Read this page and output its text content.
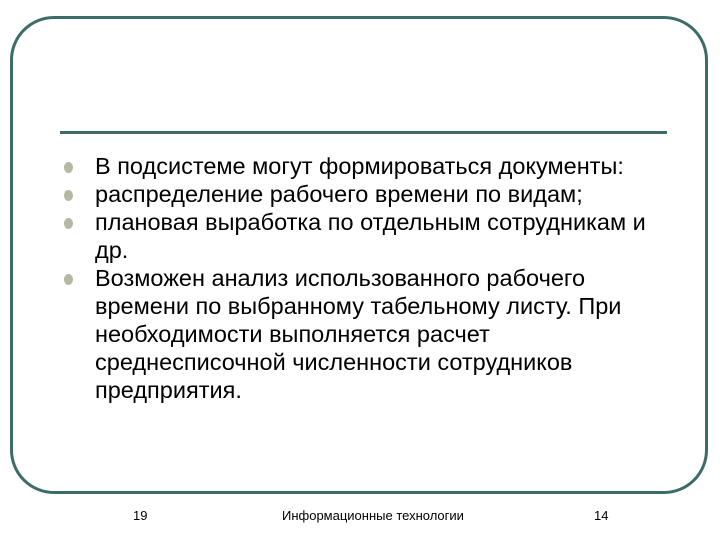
В подсистеме могут формироваться документы:
распределение рабочего времени по видам;
плановая выработка по отдельным сотрудникам и др.
Возможен анализ использованного рабочего времени по выбранному табельному листу. При необходимости выполняется расчет среднесписочной численности сотрудников предприятия.
19	Информационные технологии	14
